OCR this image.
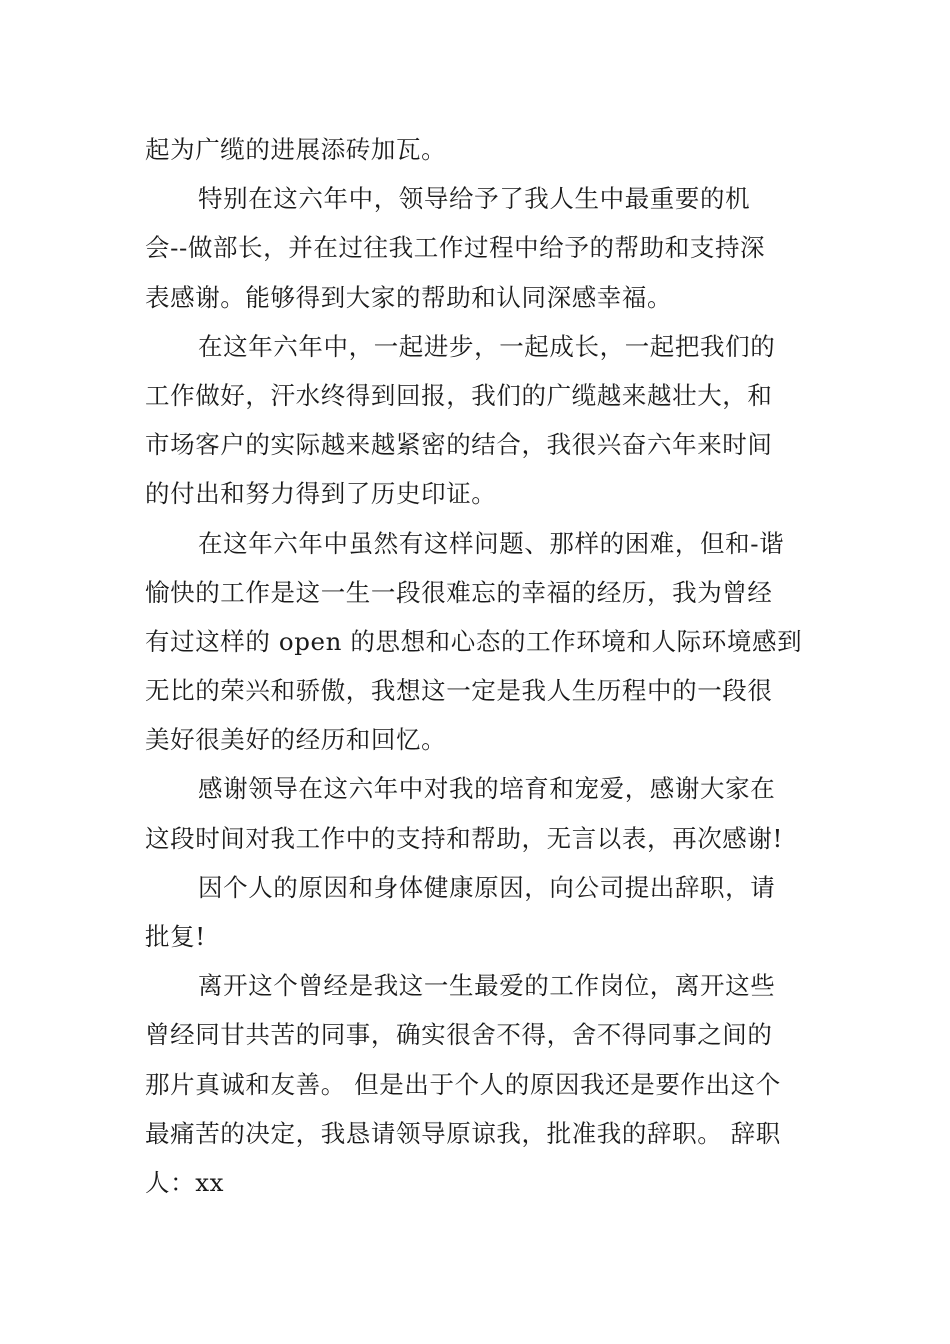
起为广缆的进展添砖加瓦。
特别在这六年中，领导给予了我人生中最重要的机
会--做部长，并在过往我工作过程中给予的帮助和支持深
表感谢。能够得到大家的帮助和认同深感幸福。
在这年六年中，一起进步，一起成长，一起把我们的
工作做好，汗水终得到回报，我们的广缆越来越壮大，和
市场客户的实际越来越紧密的结合，我很兴奋六年来时间
的付出和努力得到了历史印证。
在这年六年中虽然有这样问题、那样的困难，但和-谐
愉快的工作是这一生一段很难忘的幸福的经历，我为曾经
有过这样的 open 的思想和心态的工作环境和人际环境感到
无比的荣兴和骄傲，我想这一定是我人生历程中的一段很
美好很美好的经历和回忆。
感谢领导在这六年中对我的培育和宠爱，感谢大家在
这段时间对我工作中的支持和帮助，无言以表，再次感谢!
因个人的原因和身体健康原因，向公司提出辞职，请
批复!
离开这个曾经是我这一生最爱的工作岗位，离开这些
曾经同甘共苦的同事，确实很舍不得，舍不得同事之间的
那片真诚和友善。 但是出于个人的原因我还是要作出这个
最痛苦的决定，我恳请领导原谅我，批准我的辞职。 辞职
人：xx
